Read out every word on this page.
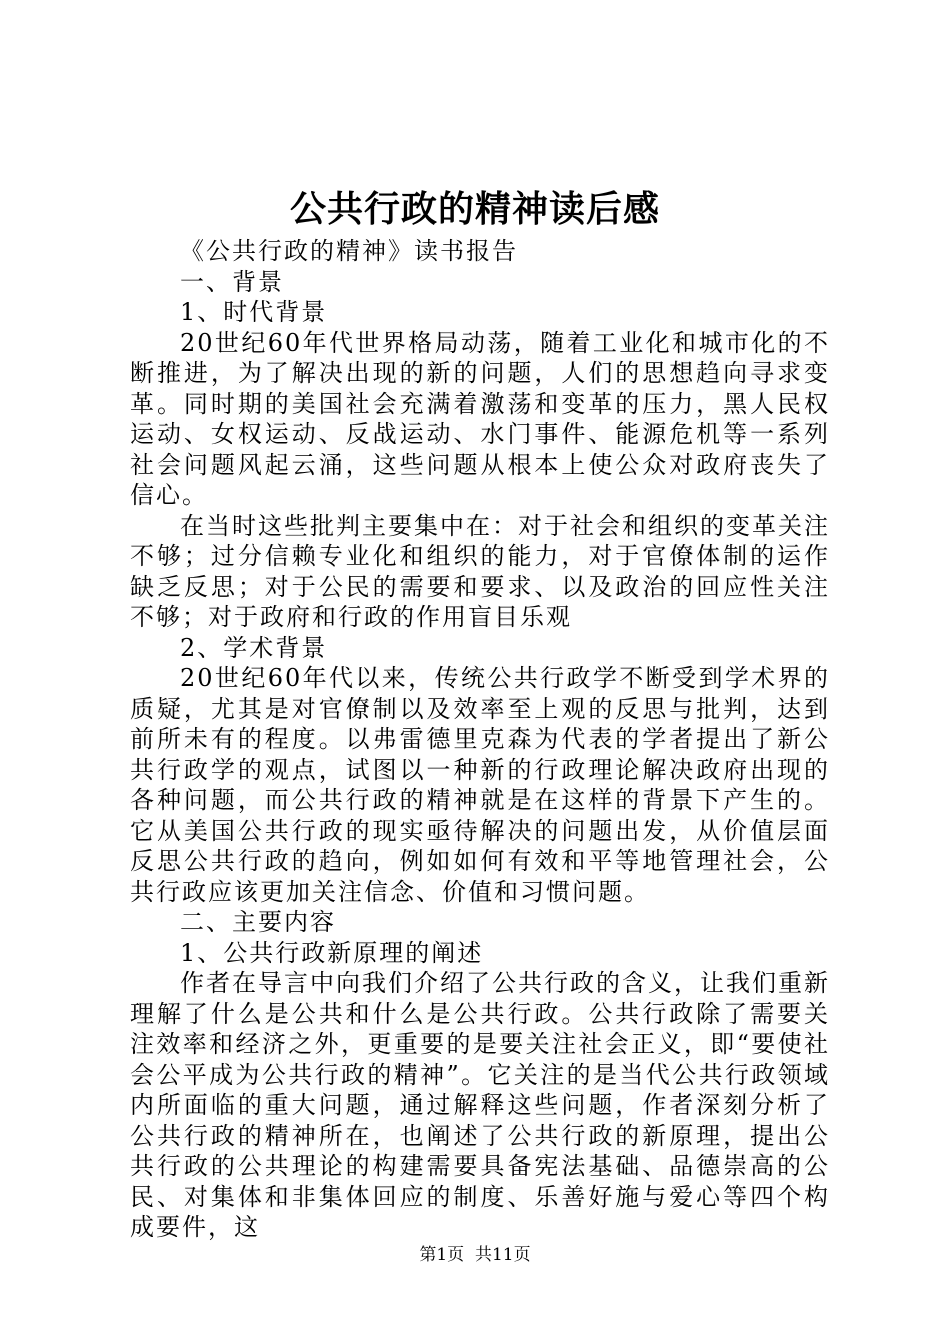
公共行政的精神读后感

《公共行政的精神》读书报告

一、背景

1、时代背景

20世纪60年代世界格局动荡，随着工业化和城市化的不断推进，为了解决出现的新的问题，人们的思想趋向寻求变革。同时期的美国社会充满着激荡和变革的压力，黑人民权运动、女权运动、反战运动、水门事件、能源危机等一系列社会问题风起云涌，这些问题从根本上使公众对政府丧失了信心。

在当时这些批判主要集中在：对于社会和组织的变革关注不够；过分信赖专业化和组织的能力，对于官僚体制的运作缺乏反思；对于公民的需要和要求、以及政治的回应性关注不够；对于政府和行政的作用盲目乐观

2、学术背景

20世纪60年代以来，传统公共行政学不断受到学术界的质疑，尤其是对官僚制以及效率至上观的反思与批判，达到前所未有的程度。以弗雷德里克森为代表的学者提出了新公共行政学的观点，试图以一种新的行政理论解决政府出现的各种问题，而公共行政的精神就是在这样的背景下产生的。它从美国公共行政的现实亟待解决的问题出发，从价值层面反思公共行政的趋向，例如如何有效和平等地管理社会，公共行政应该更加关注信念、价值和习惯问题。

二、主要内容

1、公共行政新原理的阐述

作者在导言中向我们介绍了公共行政的含义，让我们重新理解了什么是公共和什么是公共行政。公共行政除了需要关注效率和经济之外，更重要的是要关注社会正义，即“要使社会公平成为公共行政的精神”。它关注的是当代公共行政领域内所面临的重大问题，通过解释这些问题，作者深刻分析了公共行政的精神所在，也阐述了公共行政的新原理，提出公共行政的公共理论的构建需要具备宪法基础、品德崇高的公民、对集体和非集体回应的制度、乐善好施与爱心等四个构成要件，这

第1页  共11页
